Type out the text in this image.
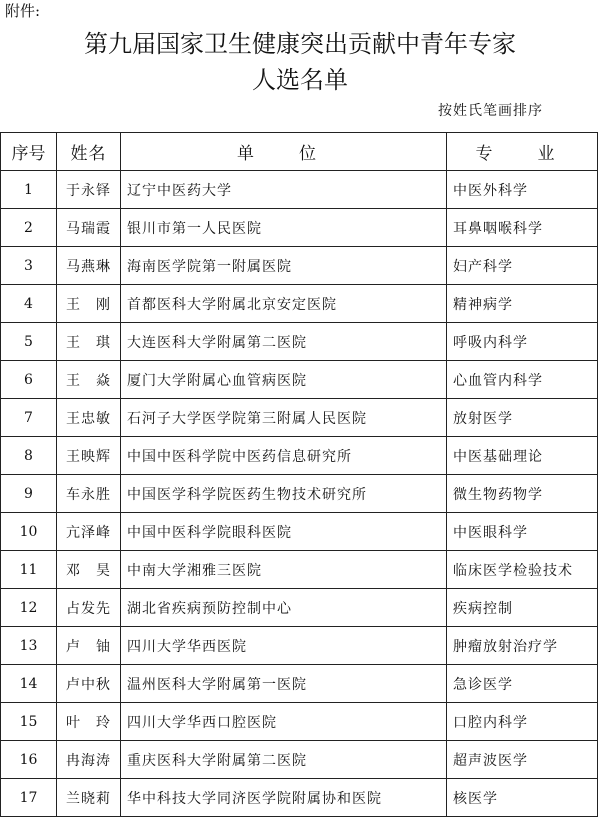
附件:
第九届国家卫生健康突出贡献中青年专家
人选名单
按姓氏笔画排序
序号	姓名	单　位	专　业
1	于永铎	辽宁中医药大学	中医外科学
2	马瑞霞	银川市第一人民医院	耳鼻咽喉科学
3	马燕琳	海南医学院第一附属医院	妇产科学
4	王　刚	首都医科大学附属北京安定医院	精神病学
5	王　琪	大连医科大学附属第二医院	呼吸内科学
6	王　焱	厦门大学附属心血管病医院	心血管内科学
7	王忠敏	石河子大学医学院第三附属人民医院	放射医学
8	王映辉	中国中医科学院中医药信息研究所	中医基础理论
9	车永胜	中国医学科学院医药生物技术研究所	微生物药物学
10	亢泽峰	中国中医科学院眼科医院	中医眼科学
11	邓　昊	中南大学湘雅三医院	临床医学检验技术
12	占发先	湖北省疾病预防控制中心	疾病控制
13	卢　铀	四川大学华西医院	肿瘤放射治疗学
14	卢中秋	温州医科大学附属第一医院	急诊医学
15	叶　玲	四川大学华西口腔医院	口腔内科学
16	冉海涛	重庆医科大学附属第二医院	超声波医学
17	兰晓莉	华中科技大学同济医学院附属协和医院	核医学
